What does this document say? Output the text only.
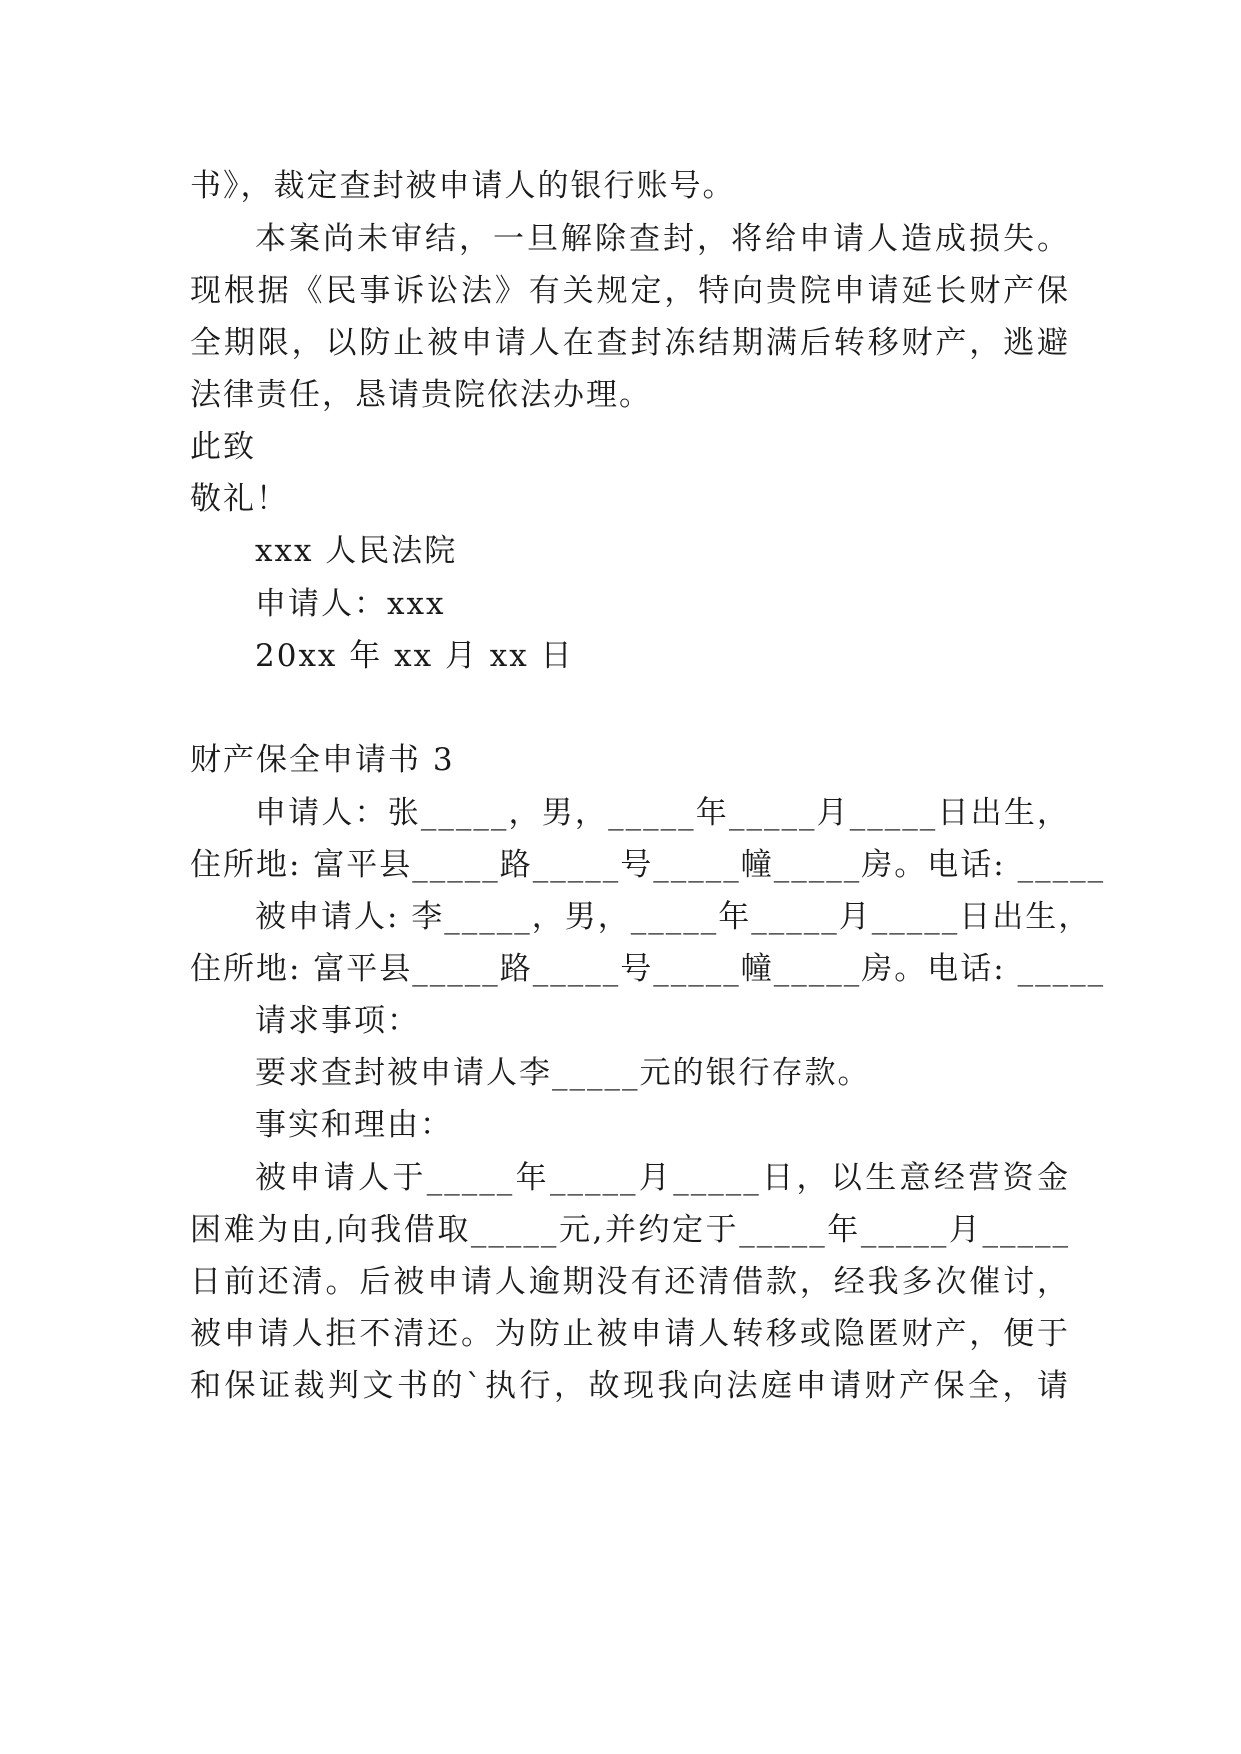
书》，裁定查封被申请人的银行账号。
本案尚未审结，一旦解除查封，将给申请人造成损失。
现根据《民事诉讼法》有关规定，特向贵院申请延长财产保
全期限，以防止被申请人在查封冻结期满后转移财产，逃避
法律责任，恳请贵院依法办理。
此致
敬礼！
xxx 人民法院
申请人：xxx
20xx 年 xx 月 xx 日
财产保全申请书 3
申请人：张_____，男，_____年_____月_____日出生，
住所地: 富平县_____路_____号_____幢_____房。电话: _____
被申请人: 李_____，男，_____年_____月_____日出生，
住所地: 富平县_____路_____号_____幢_____房。电话: _____
请求事项：
要求查封被申请人李_____元的银行存款。
事实和理由：
被申请人于_____年_____月_____日，以生意经营资金
困难为由,向我借取_____元,并约定于_____年_____月_____
日前还清。后被申请人逾期没有还清借款，经我多次催讨，
被申请人拒不清还。为防止被申请人转移或隐匿财产，便于
和保证裁判文书的`执行，故现我向法庭申请财产保全，请
